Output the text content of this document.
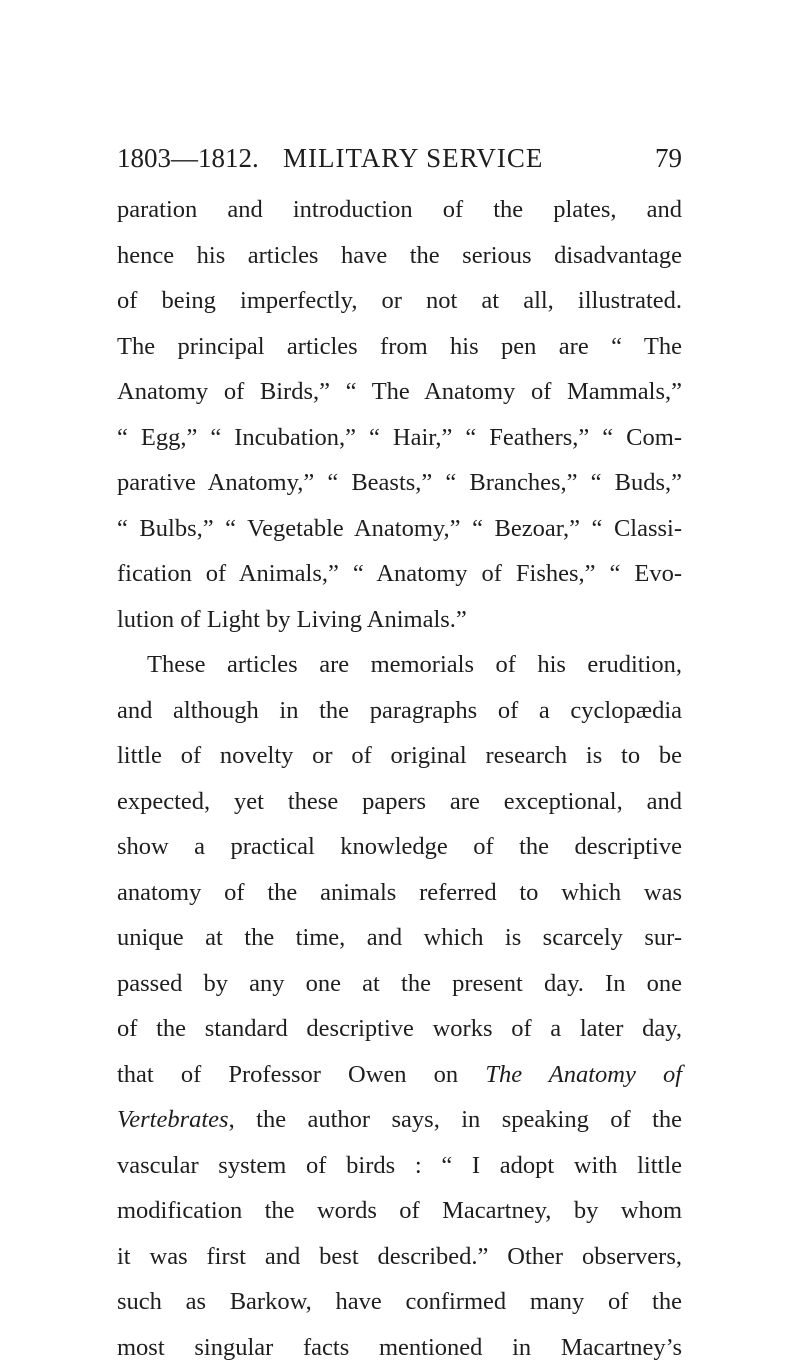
1803—1812. MILITARY SERVICE	79
paration and introduction of the plates, and
hence his articles have the serious disadvantage
of being imperfectly, or not at all, illustrated.
The principal articles from his pen are “ The
Anatomy of Birds,” “ The Anatomy of Mammals,”
“ Egg,” “ Incubation,” “ Hair,” “ Feathers,” “ Com-
parative Anatomy,” “ Beasts,” “ Branches,” “ Buds,”
“ Bulbs,” “ Vegetable Anatomy,” “ Bezoar,” “ Classi-
fication of Animals,” “ Anatomy of Fishes,” “ Evo-
lution of Light by Living Animals.”
These articles are memorials of his erudition,
and although in the paragraphs of a cyclopædia
little of novelty or of original research is to be
expected, yet these papers are exceptional, and
show a practical knowledge of the descriptive
anatomy of the animals referred to which was
unique at the time, and which is scarcely sur-
passed by any one at the present day. In one
of the standard descriptive works of a later day,
that of Professor Owen on The Anatomy of
Vertebrates, the author says, in speaking of the
vascular system of birds : “ I adopt with little
modification the words of Macartney, by whom
it was first and best described.” Other observers,
such as Barkow, have confirmed many of the
most singular facts mentioned in Macartney’s
